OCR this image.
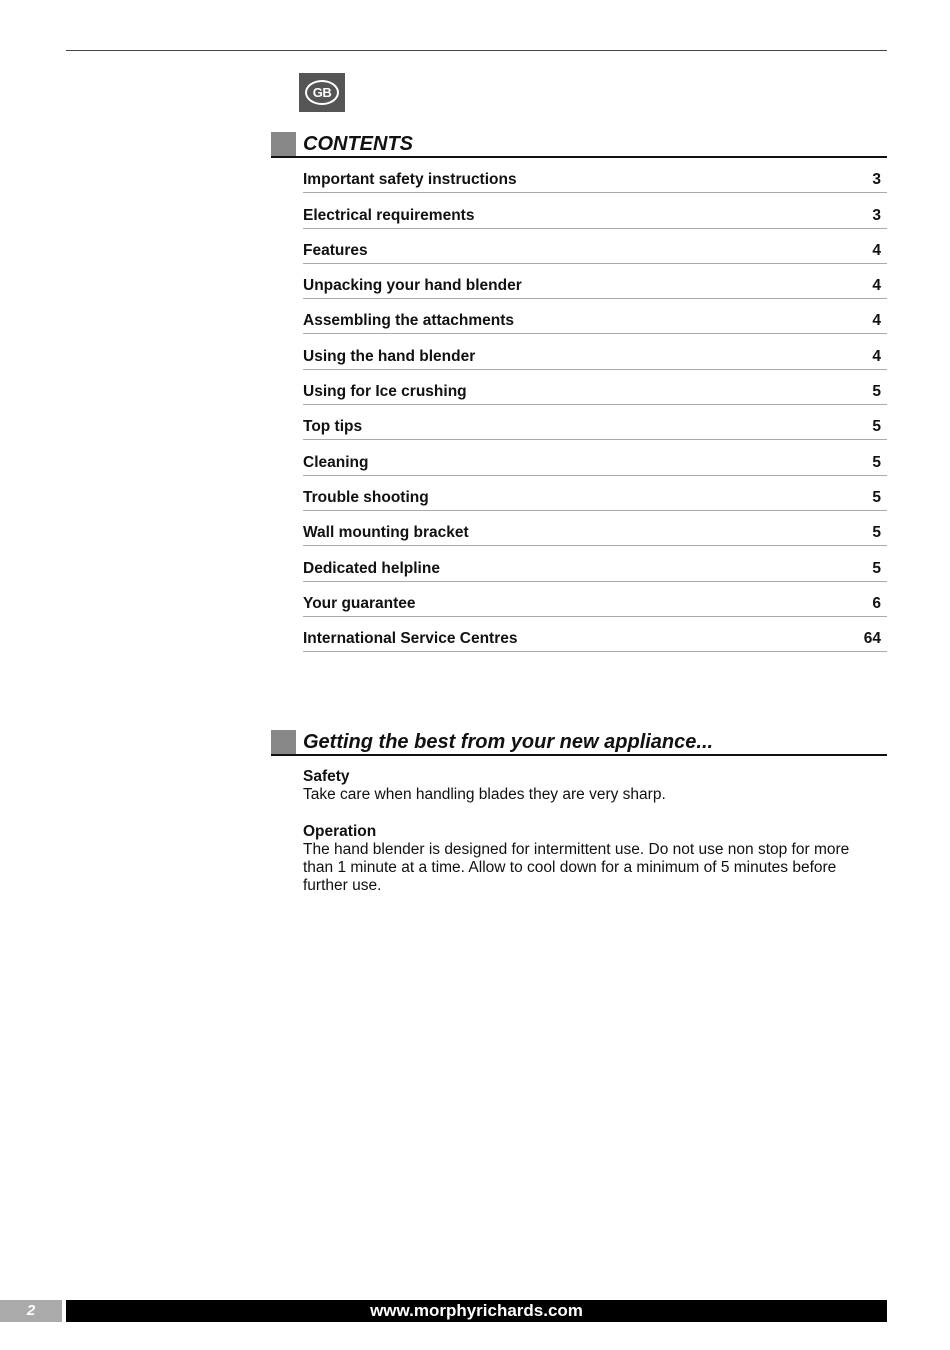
GB
CONTENTS
Important safety instructions	3
Electrical requirements	3
Features	4
Unpacking your hand blender	4
Assembling the attachments	4
Using the hand blender	4
Using for Ice crushing	5
Top tips	5
Cleaning	5
Trouble shooting	5
Wall mounting bracket	5
Dedicated helpline	5
Your guarantee	6
International Service Centres	64
Getting the best from your new appliance...
Safety
Take care when handling blades they are very sharp.
Operation
The hand blender is designed for intermittent use. Do not use non stop for more than 1 minute at a time. Allow to cool down for a minimum of 5 minutes before further use.
2	www.morphyrichards.com
